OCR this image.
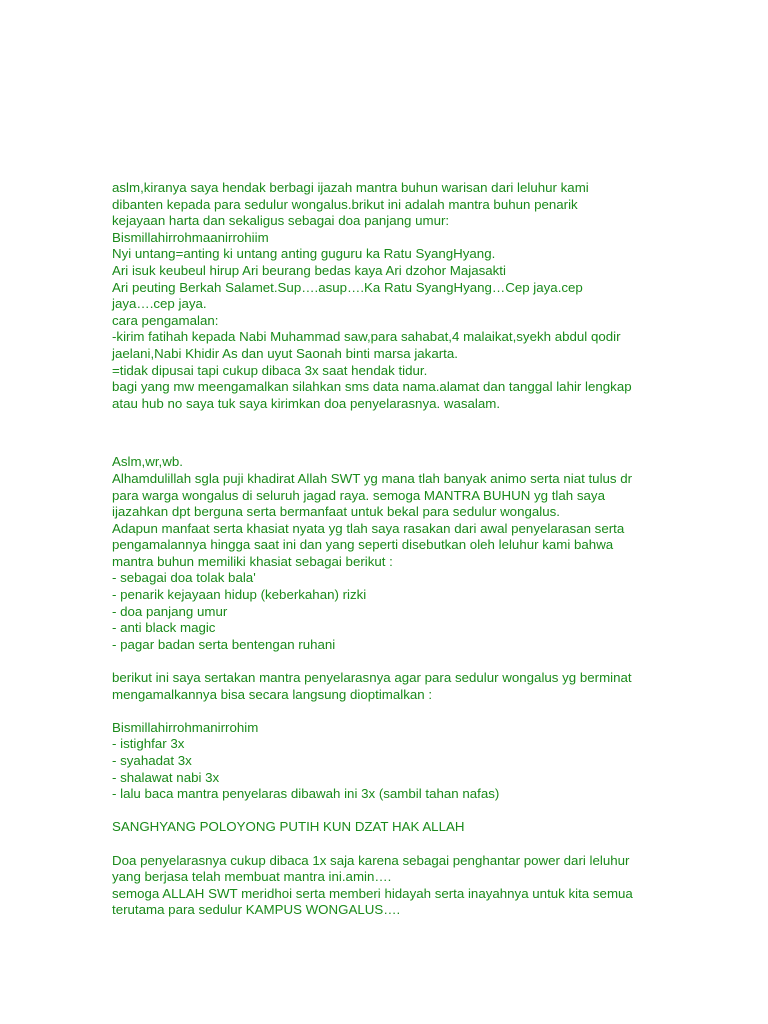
aslm,kiranya saya hendak berbagi ijazah mantra buhun warisan dari leluhur kami
dibanten kepada para sedulur wongalus.brikut ini adalah mantra buhun penarik
kejayaan harta dan sekaligus sebagai doa panjang umur:
Bismillahirrohmaanirrohiim
Nyi untang=anting ki untang anting guguru ka Ratu SyangHyang.
Ari isuk keubeul hirup Ari beurang bedas kaya Ari dzohor Majasakti
Ari peuting Berkah Salamet.Sup….asup….Ka Ratu SyangHyang…Cep jaya.cep
jaya….cep jaya.
cara pengamalan:
-kirim fatihah kepada Nabi Muhammad saw,para sahabat,4 malaikat,syekh abdul qodir
jaelani,Nabi Khidir As dan uyut Saonah binti marsa jakarta.
=tidak dipusai tapi cukup dibaca 3x saat hendak tidur.
bagi yang mw meengamalkan silahkan sms data nama.alamat dan tanggal lahir lengkap
atau hub no saya tuk saya kirimkan doa penyelarasnya. wasalam.
Aslm,wr,wb.
Alhamdulillah sgla puji khadirat Allah SWT yg mana tlah banyak animo serta niat tulus dr
para warga wongalus di seluruh jagad raya. semoga MANTRA BUHUN yg tlah saya
ijazahkan dpt berguna serta bermanfaat untuk bekal para sedulur wongalus.
Adapun manfaat serta khasiat nyata yg tlah saya rasakan dari awal penyelarasan serta
pengamalannya hingga saat ini dan yang seperti disebutkan oleh leluhur kami bahwa
mantra buhun memiliki khasiat sebagai berikut :
- sebagai doa tolak bala'
- penarik kejayaan hidup (keberkahan) rizki
- doa panjang umur
- anti black magic
- pagar badan serta bentengan ruhani
berikut ini saya sertakan mantra penyelarasnya agar para sedulur wongalus yg berminat
mengamalkannya bisa secara langsung dioptimalkan :
Bismillahirrohmanirrohim
- istighfar 3x
- syahadat 3x
- shalawat nabi 3x
- lalu baca mantra penyelaras dibawah ini 3x (sambil tahan nafas)
SANGHYANG POLOYONG PUTIH KUN DZAT HAK ALLAH
Doa penyelarasnya cukup dibaca 1x saja karena sebagai penghantar power dari leluhur
yang berjasa telah membuat mantra ini.amin….
semoga ALLAH SWT meridhoi serta memberi hidayah serta inayahnya untuk kita semua
terutama para sedulur KAMPUS WONGALUS….
